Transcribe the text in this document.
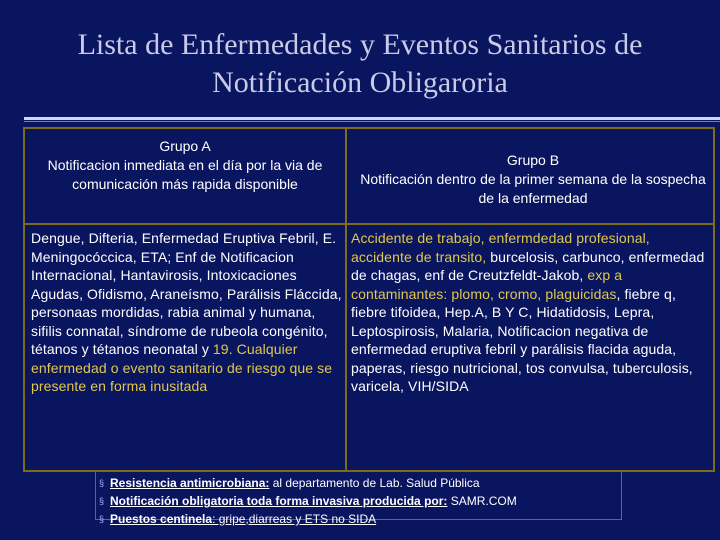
Lista de Enfermedades y Eventos Sanitarios de
Notificación Obligaroria
Grupo A
Notificacion inmediata en el día por la via de comunicación más rapida disponible
Grupo B
Notificación dentro de la primer semana de la sospecha de la enfermedad
Dengue, Difteria, Enfermedad Eruptiva Febril, E. Meningocóccica, ETA; Enf de Notificacion Internacional, Hantavirosis, Intoxicaciones Agudas, Ofidismo, Araneísmo, Parálisis Fláccida, personaas mordidas, rabia animal y humana, sifilis connatal, síndrome de rubeola congénito, tétanos y tétanos neonatal y 19. Cualquier enfermedad o evento sanitario de riesgo que se presente en forma inusitada
Accidente de trabajo, enfermdedad profesional, accidente de transito, burcelosis, carbunco, enfermedad de chagas, enf de Creutzfeldt-Jakob, exp a contaminantes: plomo, cromo, plaguicidas, fiebre q, fiebre tifoidea, Hep.A, B Y C, Hidatidosis, Lepra, Leptospirosis, Malaria, Notificacion negativa de enfermedad eruptiva febril y parálisis flacida aguda, paperas, riesgo nutricional, tos convulsa, tuberculosis, varicela, VIH/SIDA
§ Resistencia antimicrobiana: al departamento de Lab. Salud Pública
§ Notificación obligatoria toda forma invasiva producida por: SAMR.COM
§ Puestos centinela: gripe,diarreas y ETS no SIDA
